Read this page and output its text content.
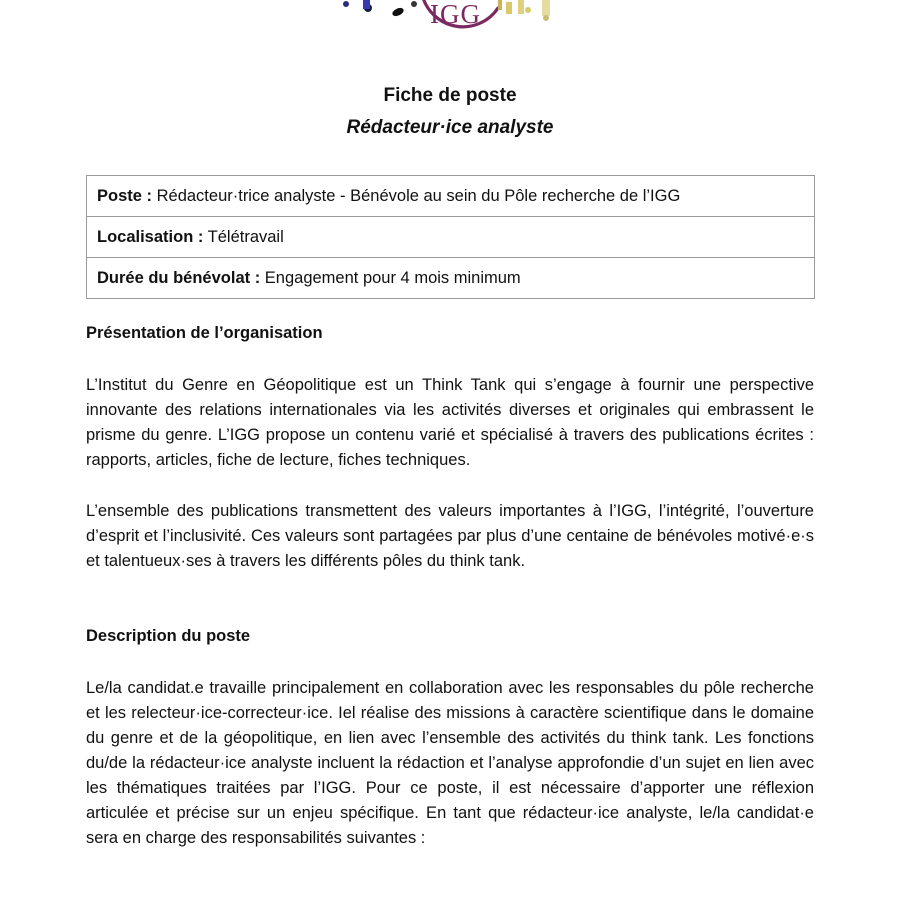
IGG
Fiche de poste
Rédacteur·ice analyste
Poste : Rédacteur·trice analyste - Bénévole au sein du Pôle recherche de l’IGG
Localisation : Télétravail
Durée du bénévolat : Engagement pour 4 mois minimum
Présentation de l’organisation

L’Institut du Genre en Géopolitique est un Think Tank qui s’engage à fournir une perspective innovante des relations internationales via les activités diverses et originales qui embrassent le prisme du genre. L’IGG propose un contenu varié et spécialisé à travers des publications écrites : rapports, articles, fiche de lecture, fiches techniques.

L’ensemble des publications transmettent des valeurs importantes à l’IGG, l’intégrité, l’ouverture d’esprit et l’inclusivité. Ces valeurs sont partagées par plus d’une centaine de bénévoles motivé·e·s et talentueux·ses à travers les différents pôles du think tank.

Description du poste

Le/la candidat.e travaille principalement en collaboration avec les responsables du pôle recherche et les relecteur·ice-correcteur·ice. Iel réalise des missions à caractère scientifique dans le domaine du genre et de la géopolitique, en lien avec l’ensemble des activités du think tank. Les fonctions du/de la rédacteur·ice analyste incluent la rédaction et l’analyse approfondie d’un sujet en lien avec les thématiques traitées par l’IGG. Pour ce poste, il est nécessaire d’apporter une réflexion articulée et précise sur un enjeu spécifique. En tant que rédacteur·ice analyste, le/la candidat·e sera en charge des responsabilités suivantes :
